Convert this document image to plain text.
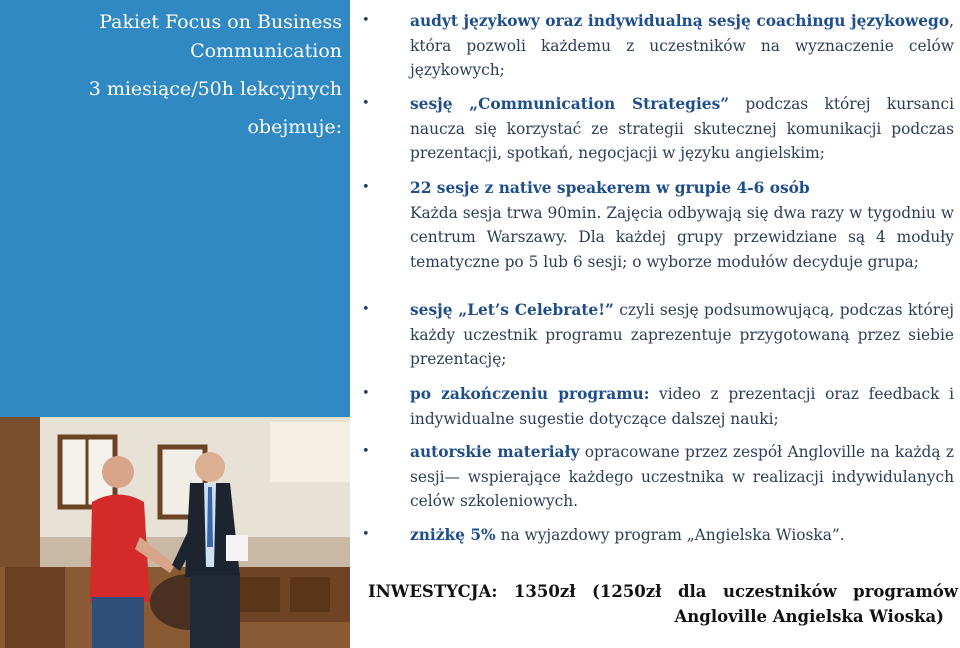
Pakiet Focus on Business
Communication
3 miesiące/50h lekcyjnych
obejmuje:
•	audyt językowy oraz indywidualną sesję coachingu językowego, która pozwoli każdemu z uczestników na wyznaczenie celów językowych;
•	sesję „Communication Strategies” podczas której kursanci naucza się korzystać ze strategii skutecznej komunikacji podczas prezentacji, spotkań, negocjacji w języku angielskim;
•	22 sesje z native speakerem w grupie 4-6 osób
Każda sesja trwa 90min. Zajęcia odbywają się dwa razy w tygodniu w centrum Warszawy. Dla każdej grupy przewidziane są 4 moduły tematyczne po 5 lub 6 sesji; o wyborze modułów decyduje grupa;
•	sesję „Let’s Celebrate!” czyli sesję podsumowującą, podczas której każdy uczestnik programu zaprezentuje przygotowaną przez siebie prezentację;
•	po zakończeniu programu: video z prezentacji oraz feedback i indywidualne sugestie dotyczące dalszej nauki;
•	autorskie materiały opracowane przez zespół Angloville na każdą z sesji— wspierające każdego uczestnika w realizacji indywidulanych celów szkoleniowych.
•	zniżkę 5% na wyjazdowy program „Angielska Wioska”.
INWESTYCJA: 1350zł (1250zł dla uczestników programów
Angloville Angielska Wioska)
